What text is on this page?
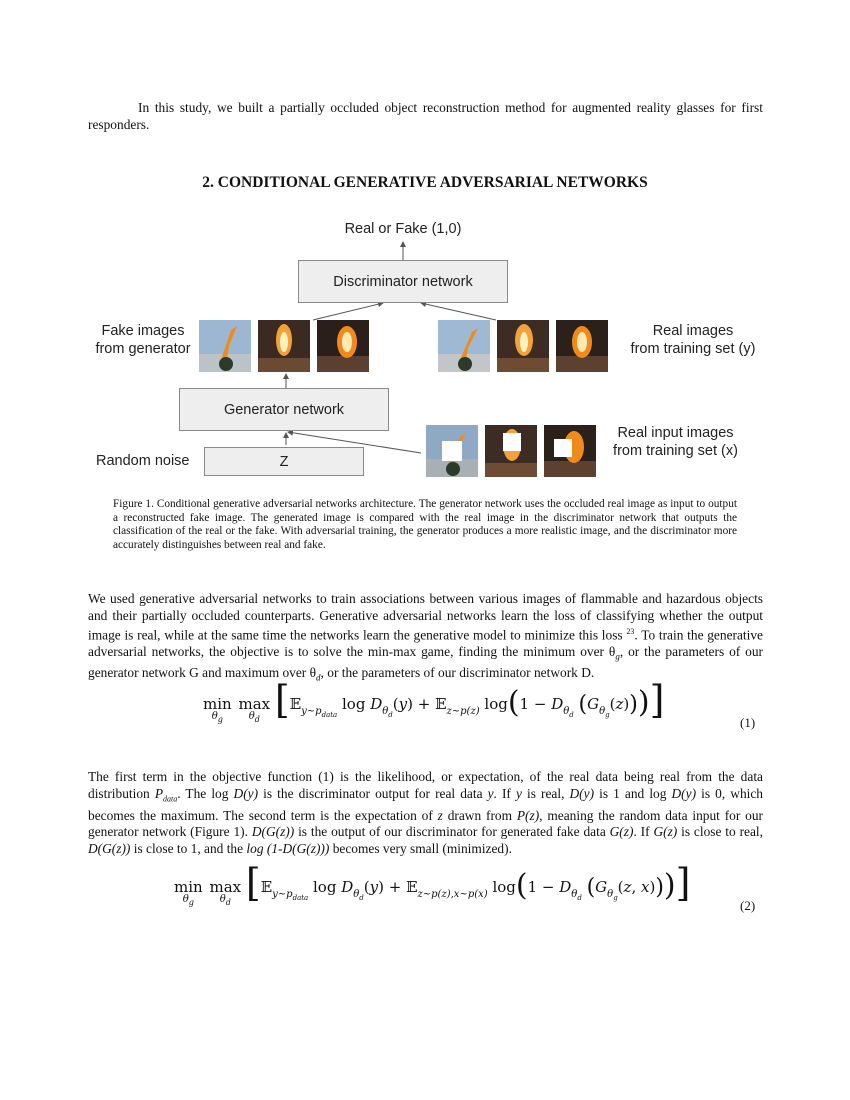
In this study, we built a partially occluded object reconstruction method for augmented reality glasses for first responders.

2. CONDITIONAL GENERATIVE ADVERSARIAL NETWORKS
Real or Fake (1,0)
Discriminator network
Fake images
from generator
Real images
from training set (y)
Generator network
Z
Random noise
Real input images
from training set (x)

Figure 1. Conditional generative adversarial networks architecture. The generator network uses the occluded real image as input to output a reconstructed fake image. The generated image is compared with the real image in the discriminator network that outputs the classification of the real or the fake. With adversarial training, the generator produces a more realistic image, and the discriminator more accurately distinguishes between real and fake.

We used generative adversarial networks to train associations between various images of flammable and hazardous objects and their partially occluded counterparts. Generative adversarial networks learn the loss of classifying whether the output image is real, while at the same time the networks learn the generative model to minimize this loss $^{23}$. To train the generative adversarial networks, the objective is to solve the min-max game, finding the minimum over $\theta_g$, or the parameters of our generator network G and maximum over $\theta_d$, or the parameters of our discriminator network D.

min
$\theta_g$
max
$\theta_d$ [𝔼$_{y\sim p_{data}}$ $\log D_{\theta_d}(y)$ + 𝔼$_{z\sim p(z)}$ $\log(1 - D_{\theta_d}$ $(G_{\theta_g}(z))$)]
(1)

The first term in the objective function (1) is the likelihood, or expectation, of the real data being real from the data distribution $P_{data}$. The log D(y) is the discriminator output for real data y. If y is real, D(y) is 1 and log D(y) is 0, which becomes the maximum. The second term is the expectation of z drawn from P(z), meaning the random data input for our generator network (Figure 1). D(G(z)) is the output of our discriminator for generated fake data G(z). If G(z) is close to real, D(G(z)) is close to 1, and the log (1-D(G(z))) becomes very small (minimized).

min
$\theta_g$
max
$\theta_d$ [𝔼$_{y\sim p_{data}}$ $\log D_{\theta_d}(y)$ + 𝔼$_{z\sim p(z),x\sim p(x)}$ $\log(1 - D_{\theta_d}$ ($G_{\theta_g}(z$, x)))]
(2)
